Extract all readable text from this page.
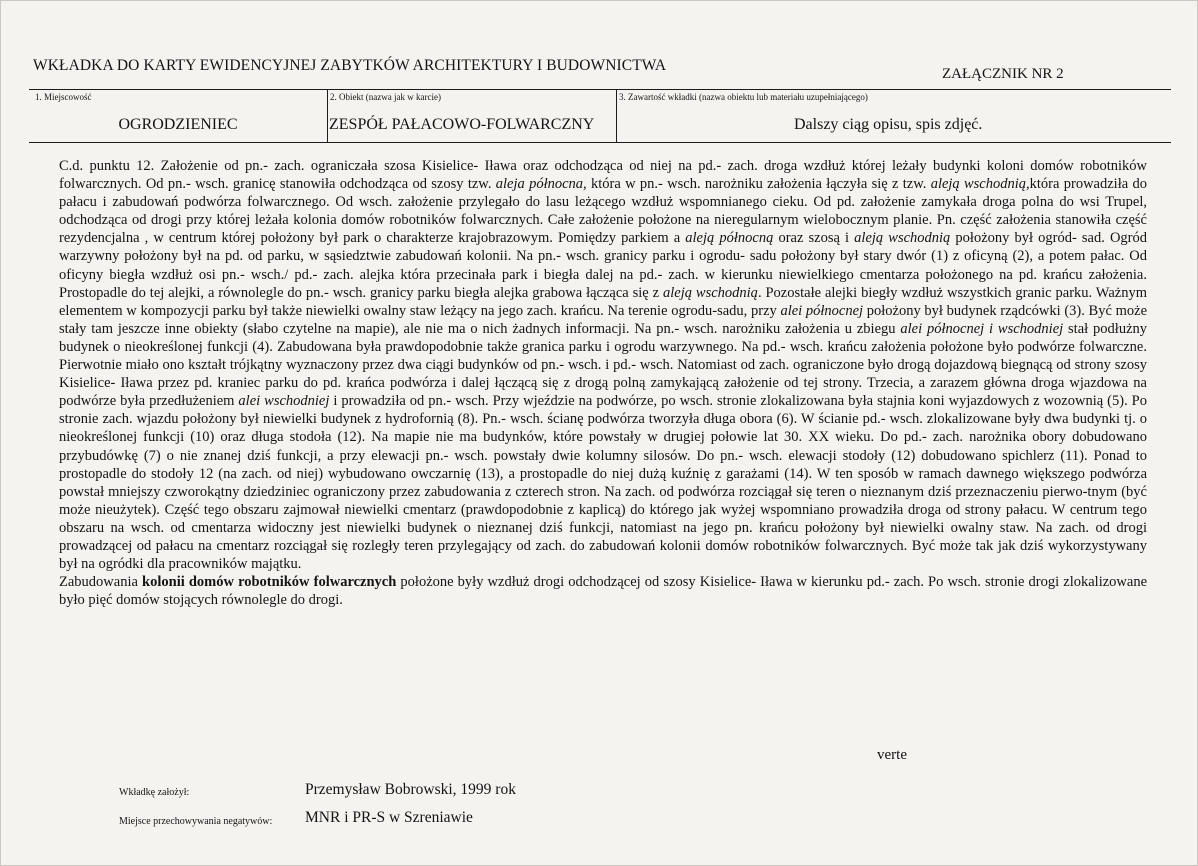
WKŁADKA DO KARTY EWIDENCYJNEJ ZABYTKÓW ARCHITEKTURY I BUDOWNICTWA	ZAŁĄCZNIK NR 2
1. Miejscowość
OGRODZIENIEC
2. Obiekt (nazwa jak w karcie)
ZESPÓŁ PAŁACOWO-FOLWARCZNY
3. Zawartość wkładki (nazwa obiektu lub materiału uzupełniającego)
Dalszy ciąg opisu, spis zdjęć.

C.d. punktu 12. Założenie od pn.- zach. ograniczała szosa Kisielice- Iława oraz odchodząca od niej na pd.- zach. droga wzdłuż której leżały budynki koloni domów robotników folwarcznych. Od pn.- wsch. granicę stanowiła odchodząca od szosy tzw. aleja północna, która w pn.- wsch. narożniku założenia łączyła się z tzw. aleją wschodnią,która prowadziła do pałacu i zabudowań podwórza folwarcznego. Od wsch. założenie przylegało do lasu leżącego wzdłuż wspomnianego cieku. Od pd. założenie zamykała droga polna do wsi Trupel, odchodząca od drogi przy której leżała kolonia domów robotników folwarcznych. Całe założenie położone na nieregularnym wielobocznym planie. Pn. część założenia stanowiła część rezydencjalna , w centrum której położony był park o charakterze krajobrazowym. Pomiędzy parkiem a aleją północną oraz szosą i aleją wschodnią położony był ogród- sad. Ogród warzywny położony był na pd. od parku, w sąsiedztwie zabudowań kolonii. Na pn.- wsch. granicy parku i ogrodu- sadu położony był stary dwór (1) z oficyną (2), a potem pałac. Od oficyny biegła wzdłuż osi pn.- wsch./ pd.- zach. alejka która przecinała park i biegła dalej na pd.- zach. w kierunku niewielkiego cmentarza położonego na pd. krańcu założenia. Prostopadle do tej alejki, a równolegle do pn.- wsch. granicy parku biegła alejka grabowa łącząca się z aleją wschodnią. Pozostałe alejki biegły wzdłuż wszystkich granic parku. Ważnym elementem w kompozycji parku był także niewielki owalny staw leżący na jego zach. krańcu. Na terenie ogrodu-sadu, przy alei północnej położony był budynek rządcówki (3). Być może stały tam jeszcze inne obiekty (słabo czytelne na mapie), ale nie ma o nich żadnych informacji. Na pn.- wsch. narożniku założenia u zbiegu alei północnej i wschodniej stał podłużny budynek o nieokreślonej funkcji (4). Zabudowana była prawdopodobnie także granica parku i ogrodu warzywnego. Na pd.- wsch. krańcu założenia położone było podwórze folwarczne. Pierwotnie miało ono kształt trójkątny wyznaczony przez dwa ciągi budynków od pn.- wsch. i pd.- wsch. Natomiast od zach. ograniczone było drogą dojazdową biegnącą od strony szosy Kisielice- Iława przez pd. kraniec parku do pd. krańca podwórza i dalej łączącą się z drogą polną zamykającą założenie od tej strony. Trzecia, a zarazem główna droga wjazdowa na podwórze była przedłużeniem alei wschodniej i prowadziła od pn.- wsch. Przy wjeździe na podwórze, po wsch. stronie zlokalizowana była stajnia koni wyjazdowych z wozownią (5). Po stronie zach. wjazdu położony był niewielki budynek z hydrofornią (8). Pn.- wsch. ścianę podwórza tworzyła długa obora (6). W ścianie pd.- wsch. zlokalizowane były dwa budynki tj. o nieokreślonej funkcji (10) oraz długa stodoła (12). Na mapie nie ma budynków, które powstały w drugiej połowie lat 30. XX wieku. Do pd.- zach. narożnika obory dobudowano przybudówkę (7) o nie znanej dziś funkcji, a przy elewacji pn.- wsch. powstały dwie kolumny silosów. Do pn.- wsch. elewacji stodoły (12) dobudowano spichlerz (11). Ponad to prostopadle do stodoły 12 (na zach. od niej) wybudowano owczarnię (13), a prostopadle do niej dużą kuźnię z garażami (14). W ten sposób w ramach dawnego większego podwórza powstał mniejszy czworokątny dziedziniec ograniczony przez zabudowania z czterech stron. Na zach. od podwórza rozciągał się teren o nieznanym dziś przeznaczeniu pierwo-tnym (być może nieużytek). Część tego obszaru zajmował niewielki cmentarz (prawdopodobnie z kaplicą) do którego jak wyżej wspomniano prowadziła droga od strony pałacu. W centrum tego obszaru na wsch. od cmentarza widoczny jest niewielki budynek o nieznanej dziś funkcji, natomiast na jego pn. krańcu położony był niewielki owalny staw. Na zach. od drogi prowadzącej od pałacu na cmentarz rozciągał się rozległy teren przylegający od zach. do zabudowań kolonii domów robotników folwarcznych. Być może tak jak dziś wykorzystywany był na ogródki dla pracowników majątku.

Zabudowania kolonii domów robotników folwarcznych położone były wzdłuż drogi odchodzącej od szosy Kisielice- Iława w kierunku pd.- zach. Po wsch. stronie drogi zlokalizowane było pięć domów stojących równolegle do drogi.

verte
Wkładkę założył:	Przemysław Bobrowski, 1999 rok
Miejsce przechowywania negatywów: MNR i PR-S w Szreniawie
